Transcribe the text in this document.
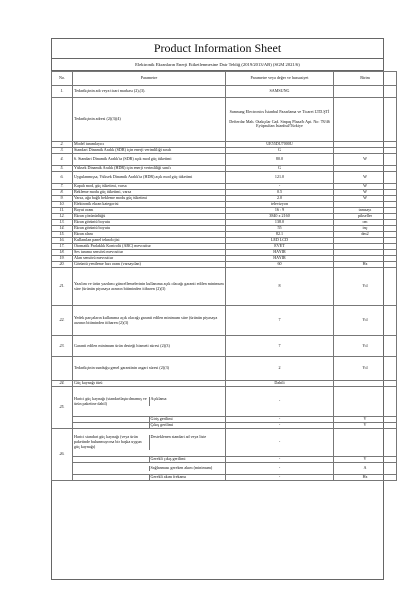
Product Information Sheet
Elektronik Ekranların Enerji Etiketlenmesine Dair Tebliğ (2019/2013/AB) (SGM 2021/6)
No.	Parametre	Parametre veya değer ve hassasiyet	Birim
1.	Tedarikçinin adı veya ticari markası (2),(3).	SAMSUNG	
	Tedarikçinin adresi (2)(3)(4)	Samsung Electronics İstanbul Pazarlama ve Ticaret LTD.ŞTİ

Defterdar Mah. Otakçılar Cad. Sinpaş Plaza/b Apt. No: 78/46 Eyüpsultan İstanbul/Türkiye	

2.	Model tanımlayıcı	UE55DU7000U	
3.	Standart Dinamik Aralık (SDR) için enerji verimliliği sınıfı	G	
4.	6. Standart Dinamik Aralık'ta (SDR) açık mod güç tüketimi	80.0	W
5.	Yüksek Dinamik Aralık (HDR) için enerji verimliliği sınıfı	G	
6.	Uygulanmışsa, Yüksek Dinamik Aralık'ta (HDR) açık mod güç tüketimi	121.0	W
7.	Kapalı mod, güç tüketimi, varsa	-	W
8.	Bekleme modu güç tüketimi, varsa	0.5	W
9.	Varsa, ağa bağlı bekleme modu güç tüketimi	2.0	W
10.	Elektronik ekran kategorisi	televizyon	
11.	Boyut oranı	16 : 9	tamsayı
12.	Ekran çözünürlüğü	3840 x 2160	pikseller
13.	Ekran görüntü boyutu	138.0	cm
14.	Ekran görüntü boyutu	55	inç
15.	Ekran alanı	82.1	dm2
16.	Kullanılan panel teknolojisi	LED LCD	
17.	Otomatik Parlaklık Kontrolü (ABC) mevcuttur	EVET	
18.	Ses tanıma sensörü mevcuttur	HAYIR	
19.	Alan sensörü mevcuttur	HAYIR	
20.	Görüntü yenileme hızı oranı (varsayılan)	60	Hz
21.	Yazılım ve ürün yazılımı güncellemelerinin kullanıma açık olacağı garanti edilen minimum süre (ürünün piyasaya arzının bitiminden itibaren (2)(3)	8	Yıl
22.	Yedek parçaların kullanıma açık olacağı garanti edilen minimum süre (ürünün piyasaya arzının bitiminden itibaren (2)(3)	7	Yıl
23.	Garanti edilen minimum ürün desteği hizmeti süresi (2)(3)	7	Yıl
	Tedarikçinin sunduğu genel garantinin asgari süresi (2)(3)	2	Yıl
24.	Güç kaynağı türü	Dahili	
25.	Harici güç kaynağı (standartlaştırılmamış ve ürün paketine dahil)
Açıklama	-	

	Giriş gerilimi	-	V

	Çıkış gerilimi	-	V
26.	Harici standart güç kaynağı (veya ürün paketinde bulunmuyorsa bir başka uygun güç kaynağı)
Desteklenen standart ad veya liste	-	

	Gerekli çıkış gerilimi	-	V

	Sağlanması gereken akım (minimum)	-	A

	Gerekli akım frekansı	-	Hz
